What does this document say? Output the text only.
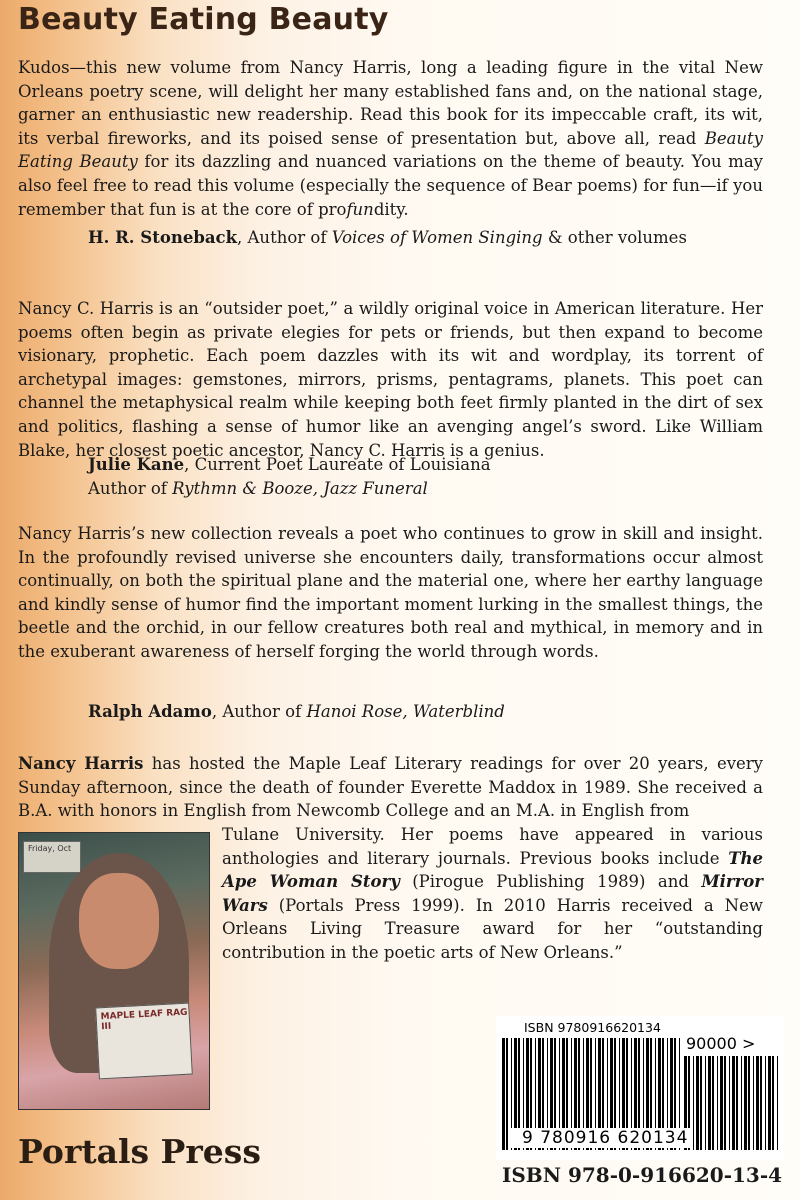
Beauty Eating Beauty

Kudos—this new volume from Nancy Harris, long a leading figure in the vital New Orleans poetry scene, will delight her many established fans and, on the national stage, garner an enthusiastic new readership. Read this book for its impeccable craft, its wit, its verbal fireworks, and its poised sense of presentation but, above all, read Beauty Eating Beauty for its dazzling and nuanced variations on the theme of beauty. You may also feel free to read this volume (especially the sequence of Bear poems) for fun—if you remember that fun is at the core of profundity.

H. R. Stoneback, Author of Voices of Women Singing & other volumes

Nancy C. Harris is an “outsider poet,” a wildly original voice in American literature. Her poems often begin as private elegies for pets or friends, but then expand to become visionary, prophetic. Each poem dazzles with its wit and wordplay, its torrent of archetypal images: gemstones, mirrors, prisms, pentagrams, planets. This poet can channel the metaphysical realm while keeping both feet firmly planted in the dirt of sex and politics, flashing a sense of humor like an avenging angel’s sword. Like William Blake, her closest poetic ancestor, Nancy C. Harris is a genius.

Julie Kane, Current Poet Laureate of Louisiana

Author of Rythmn & Booze, Jazz Funeral

Nancy Harris’s new collection reveals a poet who continues to grow in skill and insight. In the profoundly revised universe she encounters daily, transformations occur almost continually, on both the spiritual plane and the material one, where her earthy language and kindly sense of humor find the important moment lurking in the smallest things, the beetle and the orchid, in our fellow creatures both real and mythical, in memory and in the exuberant awareness of herself forging the world through words.

Ralph Adamo, Author of Hanoi Rose, Waterblind

Nancy Harris has hosted the Maple Leaf Literary readings for over 20 years, every Sunday afternoon, since the death of founder Everette Maddox in 1989. She received a B.A. with honors in English from Newcomb College and an M.A. in English from

Tulane University. Her poems have appeared in various anthologies and literary journals. Previous books include The Ape Woman Story (Pirogue Publishing 1989) and Mirror Wars (Portals Press 1999). In 2010 Harris received a New Orleans Living Treasure award for her “outstanding contribution in the poetic arts of New Orleans.”

Friday, Oct
MAPLE LEAF RAG III	ISBN 9780916620134
90000 >
9 780916 620134

Portals Press

ISBN 978-0-916620-13-4
